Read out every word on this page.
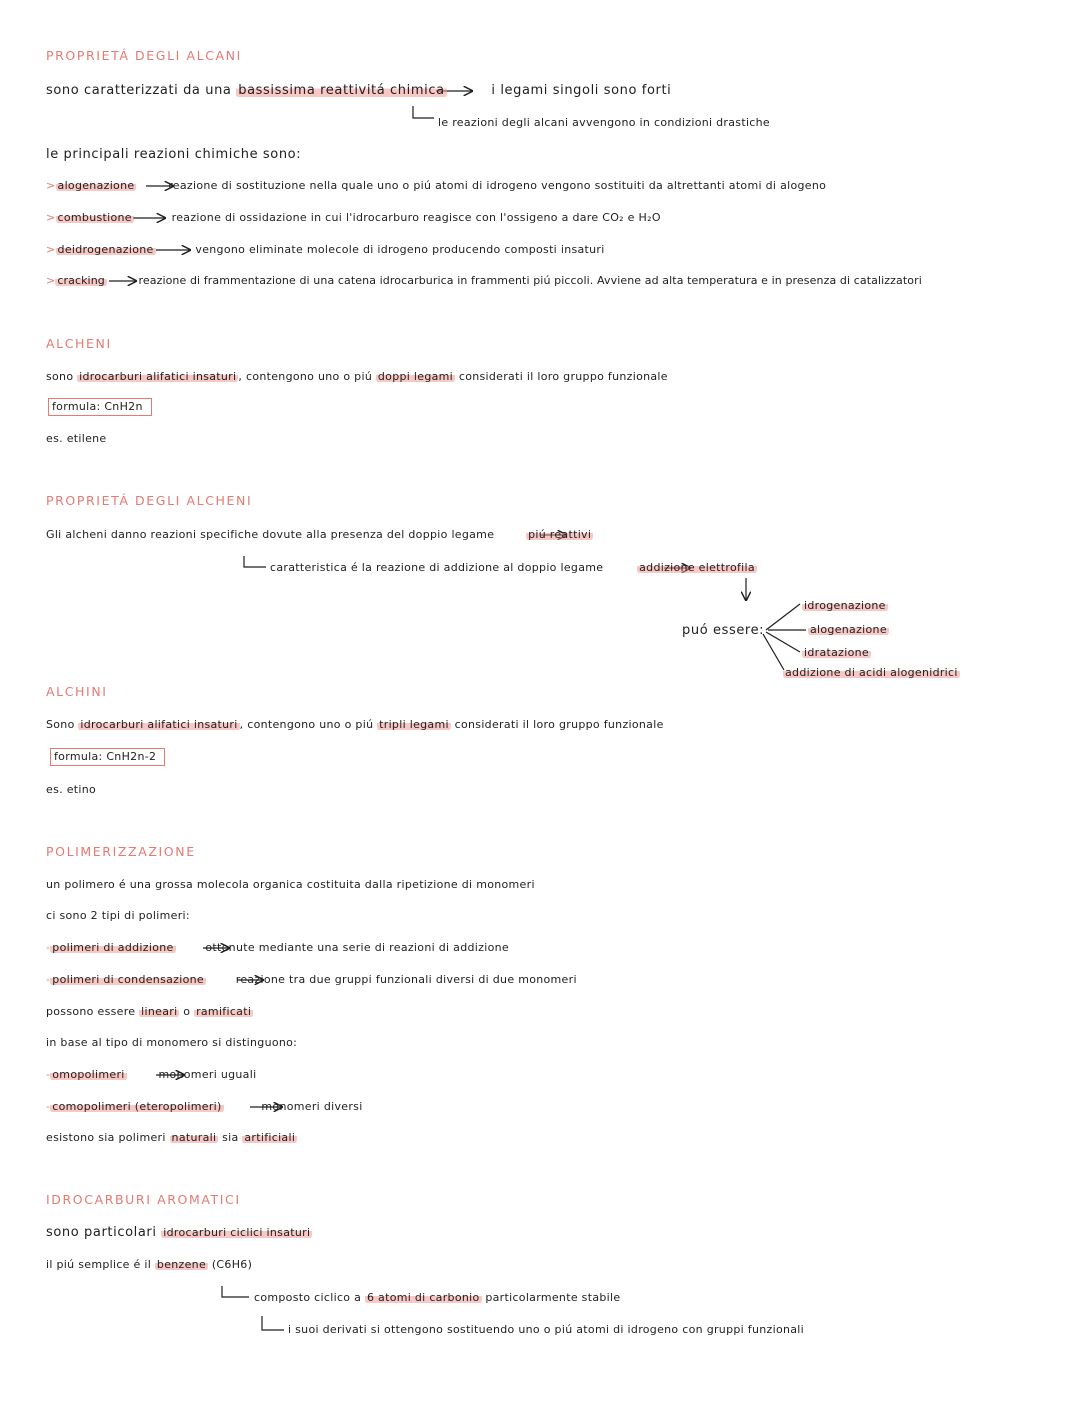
PROPRIETÁ DEGLI ALCANI
sono caratterizzati da una bassissima reattivitá chimica	i legami singoli sono forti
le reazioni degli alcani avvengono in condizioni drastiche
le principali reazioni chimiche sono:
> alogenazione	reazione di sostituzione nella quale uno o piú atomi di idrogeno vengono sostituiti da altrettanti atomi di alogeno
> combustione	reazione di ossidazione in cui l'idrocarburo reagisce con l'ossigeno a dare CO₂ e H₂O
> deidrogenazione	vengono eliminate molecole di idrogeno producendo composti insaturi
> cracking	reazione di frammentazione di una catena idrocarburica in frammenti piú piccoli. Avviene ad alta temperatura e in presenza di catalizzatori
ALCHENI
sono idrocarburi alifatici insaturi , contengono uno o piú doppi legami considerati il loro gruppo funzionale
formula: CnH2n
es. etilene
PROPRIETÁ DEGLI ALCHENI
Gli alcheni danno reazioni specifiche dovute alla presenza del doppio legame	piú reattivi
caratteristica é la reazione di addizione al doppio legame	addizione elettrofila
puó essere:
idrogenazione
alogenazione
idratazione
addizione di acidi alogenidrici
ALCHINI
Sono idrocarburi alifatici insaturi , contengono uno o piú tripli legami considerati il loro gruppo funzionale
formula: CnH2n-2
es. etino
POLIMERIZZAZIONE
un polimero é una grossa molecola organica costituita dalla ripetizione di monomeri
ci sono 2 tipi di polimeri:
- polimeri di addizione	ottenute mediante una serie di reazioni di addizione
- polimeri di condensazione	reazione tra due gruppi funzionali diversi di due monomeri
possono essere lineari o ramificati
in base al tipo di monomero si distinguono:
- omopolimeri	monomeri uguali
- comopolimeri (eteropolimeri)	monomeri diversi
esistono sia polimeri naturali sia artificiali
IDROCARBURI AROMATICI
sono particolari idrocarburi ciclici insaturi
il piú semplice é il benzene (C6H6)
composto ciclico a 6 atomi di carbonio particolarmente stabile
i suoi derivati si ottengono sostituendo uno o piú atomi di idrogeno con gruppi funzionali
